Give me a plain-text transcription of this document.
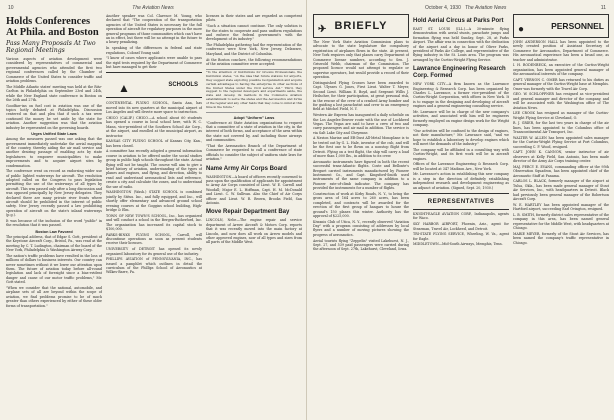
10	The Aviation News
Holds Conferences At Phila. and Boston
Pass Many Proposals At Two Regional Meetings

Various aspects of aviation development were considered by representatives of commercial and governmental agencies who attended the first two regional conferences called by the Chamber of Commerce of the United States to consider traffic and aviation problems.

The Middle Atlantic states' meeting was held at the Ritz-Carlton in Philadelphia on September 23rd and 24th, while the New England state conference in Boston on the 26th and 27th.

Goodfaw-ins on fuel cost in aviation was one of the topics hotly debated at Philadelphia. Discussion centered on that and plea that if such a tax were continued the money be set aside by the state for aviation. Another suggestion was that the aviation industry be represented on the governing boards.

Urges Unified State Laws

Among the measures passed was one asking that the government immediately undertake the aerial mapping of the country, thereby aiding the air mail service and another desiring passage of enabling acts by state legislatures to empower municipalities to make improvements and to acquire airport sites by condemnation.

The conference went on record as endorsing wider use of public lighted waterways for aircraft. The resolution adopted called on the Congress to pass legislation permitting the use of the waterways of all types by aircraft. This was passed only after a long discussion and was opposed principally by New Jersey delegates. They declared there are many private river fronts where aircraft should be prohibited in the interest of public safety. New Jersey recently passed a law prohibiting operation of aircraft on the state's inland waterways (p.g.).

It was because of the inclusion of the word "public" in the resolution that it was passed.

Boston Law Favored

The principal address, that of Edgar S. Gott, president of the Keystone Aircraft Corp., Bristol, Pa., was read at the meeting by C. T. Ludington, chairman of the board of the New York, Philadelphia & Washington Airway Corp.

The nation's traffic problems have resulted in the loss of millions of dollars to business interests. Our country can never sometimes without it we lower our attention upon them. The future of aviation today before all-round legislation and lack of foresight since a bias-evident danger and cause of our motor traffic problems," Mr. Gott stated.

"When we consider that the national, automobile, and airplane sets of all are beyond within the scope of aviation, we find problems promise to be of much greater than others experienced by either of these older forms of transportation."

Another speaker was Col. Clarence M. Young, who declared that "The cooperation of the transportation agencies of the United States is necessary for the full operation of aircraft for regulatory purposes in the more general programs of those communities which can't have an in effect, but there will be no attempt in the future to a heavy penalizing.

In speaking of the differences in federal and state regulations, Colonel Young said:

"I know of cases where applicants were unable to pass the rigid tests required by the Department of Commerce but have managed to get their

▲	SCHOOLS

CONTINENTAL FLYING SCHOOL, Santa Ana, has moved into its new quarters at the municipal airport of Los Angeles and will devote more space to instruction.

CHICO (CALIF.) CHICO.—A school about 60 students has opened a course in local school here, with W. C. Mann, vice-president of the Southern School Air Corp., at the airport, and enrolled at the municipal airport, as instructor.

KANSAS CITY FLYING SCHOOL of Kansas City, Kan., has been closed.

A committee has recently adopted a general information course in aviation to be offered under the social studies group in public high schools throughout the state. Actual flying will not be taught. The course will aim to give a brief history of aviation, understanding of the types of planes and engines, and flying, and direction, ability to read and understand aeronautical lists and reference, create a city and calculate the zones, and to understand the use of radio.

WASHINGTON (Wash.) STATE SCHOOL is combined jointly by Stitus. Inc., and fully equipped, and Inc., will shortly offer elementary and advanced ground school evening courses at the Goggins school building, High-bridge & Elm.

TOWN OF NEW TOWN'S SCHOOL, Inc., has organized and will conduct a school in the Bergen-Rutherford, Inc. The organization has increased its capital stock to $100,000.

PARKS-BINKS FLYING SCHOOL, Carroll, will discontinue operations as soon as present students receive their licenses.

UNIVERSITY of DETROIT has opened its newly organized laboratory for its general use of the industry.

PHILLIPS AVIATION of PENNSYLVANIA, INC., has issued a pamphlet which outlines in detail the curriculum of the Phillips School of Aeronautics at Wilkes-Barre, Pa.

licenses in their states and are regarded as competent pilots.

"Such a situation cannot continue. The only solution is for the states to cooperate and pass uniform regulations and enforce the federal government's with the development of its industry."

The Philadelphia gathering had the representation of the conference were New York, New Jersey, Delaware, Maryland, and the District of Columbia.

At the Boston conclave, the following recommendations of the aviation committee were accepted:

"To the attention of Institutions for Grooms Professionals, the Institution states, "on the idea that future stations for airports, they suggest state exploring possible reorganization and acquire certain advantages to having the enterprise in other sections of the United States under the Civil service Aid." Third, they suggest to the regional developers and experiments aside, the state and develop its methods in the Commerce Aviation establishment to serve the states and the Aeronautics and forms of the regular and any other fields that may come to mind at this time in the future."

Adopt "Uniform" Laws

"Conference at State Aviation organizations to request that a committee of a state of aviation in the city, in the interest of both forms, and acceptance of the area within the state not covered by, and including those airways and communities.

"That the Aeronautics Branch of the Department of Commerce be requested to call a conference of state officials to consider the subject of uniform state laws for aviation."

Name Army Air Corps Board

WASHINGTON—A board of officers recently convened to pass upon the qualification of applicants for appointment to Army Air Corps consisted of Lieut. W. E. Carroll and Woodall; Major E. L. Hoffman, Capt. H. M. McDonald and Lieut. C. W. Sullivan. Also the Chief of Air Corps officer and Lieut. W. R. Brown, Brooks Field, San Antonio.

Move Repair Department Bay

LINCOLN, Nebr.—The engine repair and service department of Arrow Aircraft & Motors Corp. reports that it was recently moved into the main factory at Lincoln, and now does all work on Arrow models and other approved engines, now of all types and sizes from all parts of the Middle West.

October 4, 1930 The Aviation News	11
✈ BRIEFLY

The New York State Aviation Commission plans to advocate to the state legislature the compulsory registration of airplanes flown in the state. At present, New York requires only that planes carry Department of Commerce license numbers, according to Sen. J. Griswold Webb, chairman of the Commission. The proposed licence would not attempt to regulate or supervise operators, but would provide a record of their operation.

Distinguished Flying Crosses have been awarded to Capt. Ulysses G. Jones, First Lieut. Walter T. Meyer, Second Lieut. William E. Boyd, and Sergeant Willis J. Heilscher, for their participation, at great personal risk, in the rescue of the crew of a crashed Army bomber and for guiding a lost parachutist and crew to an emergency field at Mitchel Field, N. Y.

Western Air Express has inaugurated a daily schedule on the Los Angeles-Denver route with the use of Lockheed Vegas. The Vegas are said to have a crew of two and carry passengers and air mail in addition. The service is via Salt Lake City and Cheyenne.

A Navion Marine and ER-Dust All-Metal Monoplane is to be tested out by G. L. Hale, inventor of the cub, and will be the first one to be flown on a nonstop flight from Detroit. Flying on a test flight, the ship will carry a load of more than 1,000 lbs., in addition to its crew.

Aeronautic instruments have figured in both the recent successful trans-Atlantic flights. Coste and Bellonte's Breguet carried instruments manufactured by Pioneer Instrument Co., and Capt. Kingsford-Smith used instruments of the same company in addition to a Pioneer rate-of-climb indicator. The company has provided the instruments for a number of flights.

Construction of work at Kirby Roads, N. Y., to bring the gross area of 164 acres to 260 acres, has been completed, and contracts will be awarded for the erection of the first group of hangars to house the ground's 150 planes this winter. Authority has the approval of $225,000.

Kiwanis Club of Utica, N. Y., recently observed "Aviation Day" with a program consisting of addresses by local flyers and a number of moving pictures showing the progress of aeronautics.

Aerial tourists flying "Zeppelin" visited Lakehurst, N. J., Sept. 27, and 539 paid passengers were carried during the afternoon of Sept. 27th, Lakehurst, Cleveland, Iowa.

Hold Aerial Circus at Parks Port

EAST ST. LOUIS (ILL.)—A 30-minute flying demonstration with aerial stunts, parachute jumps and formation flying was held Sunday, Sept. 28, at Parks Airport. The affair was in connection with the dedication of the airport and a day in honor of Oliver Parks, president of Parks Air College, and representative of the flying industry in the St. Louis area. The program was arranged by the Curtiss-Wright Flying Service.

Lawrance Engineering Research Corp. Formed

NEW YORK CITY—A firm known as the Lawrance Engineering & Research Corp. has been organized by Charles L. Lawrance, a former vice-president of the Curtiss-Wright Corporation, with offices in New York. It is to engage in the designing and developing of aircraft engines and a general engineering consulting service.

Mr. Lawrance will be in charge of the new company's activities, and associated with him will be engineers formerly employed on engine design work for the Wright company.

"Our activities will be confined to the design of engines, not their manufacture," Mr. Lawrance said, "and we hope to establish a laboratory to develop engines which will meet the demands of the industry."

The company will be affiliated in a consulting way with Curtiss-Wright, and its first work will be in aircraft engines.

Offices of the Lawrance Engineering & Research Corp. will be located at 347 Madison Ave., New York.

Mr. Lawrance's action in establishing this new company is a step in the direction of definitely establishing independent research and development engineering as an adjunct of aviation. (Signed, Sept. 20, 1930.)

REPRESENTATIVES

KNIGHT-EAGLE AVIATION CORP., Indianapolis, agents for Waco.

SKY HARBOR AIRPORT, Phoenix, Ariz., agent for Stearman, Travel Air, Lockheed, and Detroit.

TRI-STATE FLYING SERVICE, Wheeling, W. Va., agent for Eagle.

MIDDLETOWN—Mid-South Airways, Memphis, Tenn.

●	PERSONNEL

JOHN ANDERSON HALL has been appointed to the newly created position of Assistant Secretary of Commerce for Aeronautics, Department of Commerce. His aeronautical experience has been a broad one, as teacher and administrator.

I. H. RODENBECK, an executive of the Curtiss-Wright organization, has been appointed general manager of the aeronautical interests of the company.

CAPT. VERNON C. OMER has returned to his duties as general manager of the Curtiss-Wright base at Memphis. Omer was formerly with the Travel Air Corp.

GEO. W. SCHLOPPNER has resigned as vice-president and general manager and director of the company, and will be associated with the Washington office of The Aviation News.

LEE CROOK has resigned as manager of the Curtiss-Wright Flying Service at Cleveland, O.

R. J. GRIER, for the last two years in charge of the air lines, has been appointed to the Columbus office of Transcontinental Air Transport, Inc.

WALTER W. ALLEN has been appointed sales manager for the Curtiss-Wright Flying Service at Port Columbus, succeeding C. F. Wood, resigned.

CAPT. JOHN K. CANNON, senior instructor of air observers at Kelly Field, San Antonio, has been made director of the Army Air Corps training center.

MAJ. PERCY E. EVANS, commanding officer at the 95th Observation Squadron, has been appointed chief of the Aeronautic Staff at Panama.

CARLOS L. BLACK, formerly manager of the airport at Tulsa, Okla., has been made general manager of Stout Air Services, Inc., with headquarters in Detroit. Black had previously been general manager of the Robertson Aircraft Corp.

W. E. HARTLEY has been appointed manager of the Hartford airport, succeeding Earl Ovington, resigned.

L. B. SMITH, formerly district sales representative of the company in this area, has been named general representative for the Middle West, with headquarters at Chicago.

MARIE MEYER, formerly of the Stout Air Services, has been named the company's traffic representative in Chicago.
